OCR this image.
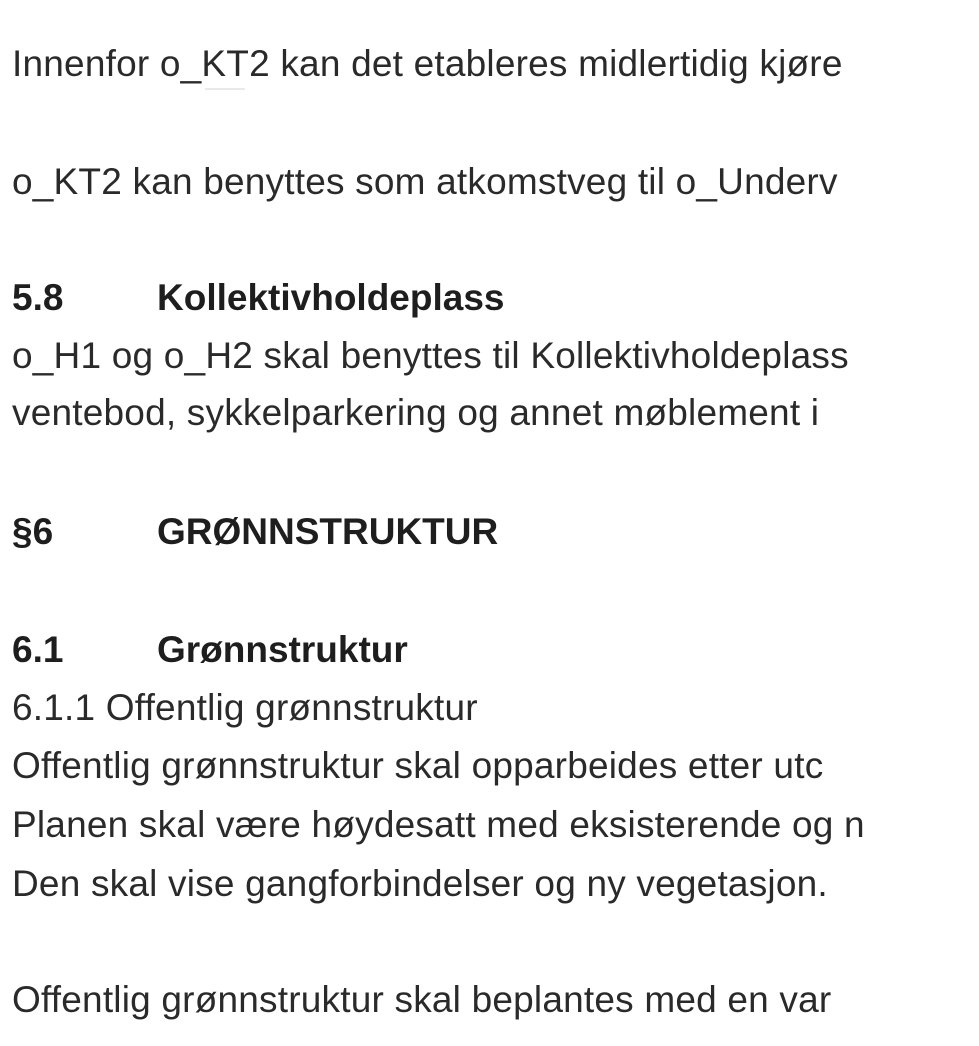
Innenfor o_KT2 kan det etableres midlertidig kjøre
o_KT2 kan benyttes som atkomstveg til o_Underv
5.8	Kollektivholdeplass
o_H1 og o_H2 skal benyttes til Kollektivholdeplass
ventebod, sykkelparkering og annet møblement i
§6	GRØNNSTRUKTUR
6.1	Grønnstruktur
6.1.1 Offentlig grønnstruktur
Offentlig grønnstruktur skal opparbeides etter utc
Planen skal være høydesatt med eksisterende og n
Den skal vise gangforbindelser og ny vegetasjon.
Offentlig grønnstruktur skal beplantes med en var
